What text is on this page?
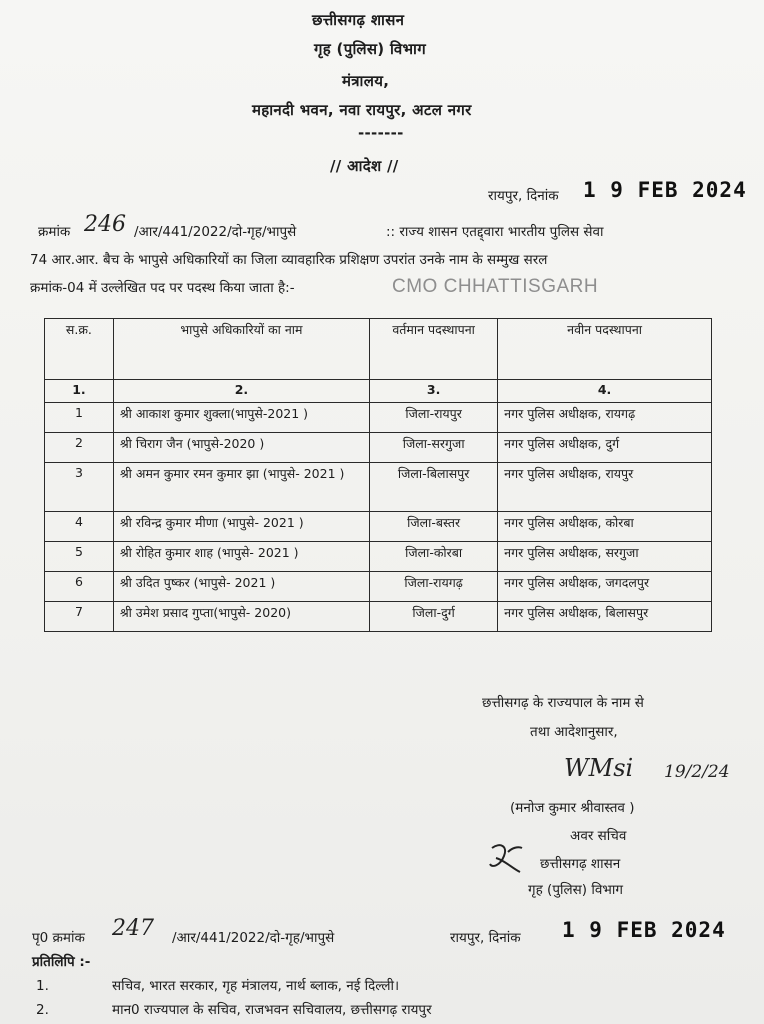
छत्तीसगढ़ शासन
गृह (पुलिस) विभाग
मंत्रालय,
महानदी भवन, नवा रायपुर, अटल नगर
-------
// आदेश //
रायपुर, दिनांक 1 9 FEB 2024
क्रमांक 246 /आर/441/2022/दो-गृह/भापुसे	:: राज्य शासन एतद्द्वारा भारतीय पुलिस सेवा
74 आर.आर. बैच के भापुसे अधिकारियों का जिला व्यावहारिक प्रशिक्षण उपरांत उनके नाम के सम्मुख सरल
क्रमांक-04 में उल्लेखित पद पर पदस्थ किया जाता है:-	CMO CHHATTISGARH
स.क्र.	भापुसे अधिकारियों का नाम	वर्तमान पदस्थापना	नवीन पदस्थापना
1.	2.	3.	4.
1	श्री आकाश कुमार शुक्ला(भापुसे-2021 )	जिला-रायपुर	नगर पुलिस अधीक्षक, रायगढ़
2	श्री चिराग जैन (भापुसे-2020 )	जिला-सरगुजा	नगर पुलिस अधीक्षक, दुर्ग
3	श्री अमन कुमार रमन कुमार झा (भापुसे- 2021 )	जिला-बिलासपुर	नगर पुलिस अधीक्षक, रायपुर
4	श्री रविन्द्र कुमार मीणा (भापुसे- 2021 )	जिला-बस्तर	नगर पुलिस अधीक्षक, कोरबा
5	श्री रोहित कुमार शाह (भापुसे- 2021 )	जिला-कोरबा	नगर पुलिस अधीक्षक, सरगुजा
6	श्री उदित पुष्कर (भापुसे- 2021 )	जिला-रायगढ़	नगर पुलिस अधीक्षक, जगदलपुर
7	श्री उमेश प्रसाद गुप्ता(भापुसे- 2020)	जिला-दुर्ग	नगर पुलिस अधीक्षक, बिलासपुर
छत्तीसगढ़ के राज्यपाल के नाम से
तथा आदेशानुसार,
WMsi 19/2/24
(मनोज कुमार श्रीवास्तव )
अवर सचिव
छत्तीसगढ़ शासन
गृह (पुलिस) विभाग
पृ0 क्रमांक 247 /आर/441/2022/दो-गृह/भापुसे	रायपुर, दिनांक 1 9 FEB 2024
प्रतिलिपि :-
1.	सचिव, भारत सरकार, गृह मंत्रालय, नार्थ ब्लाक, नई दिल्ली।
2.	मान0 राज्यपाल के सचिव, राजभवन सचिवालय, छत्तीसगढ़ रायपुर
